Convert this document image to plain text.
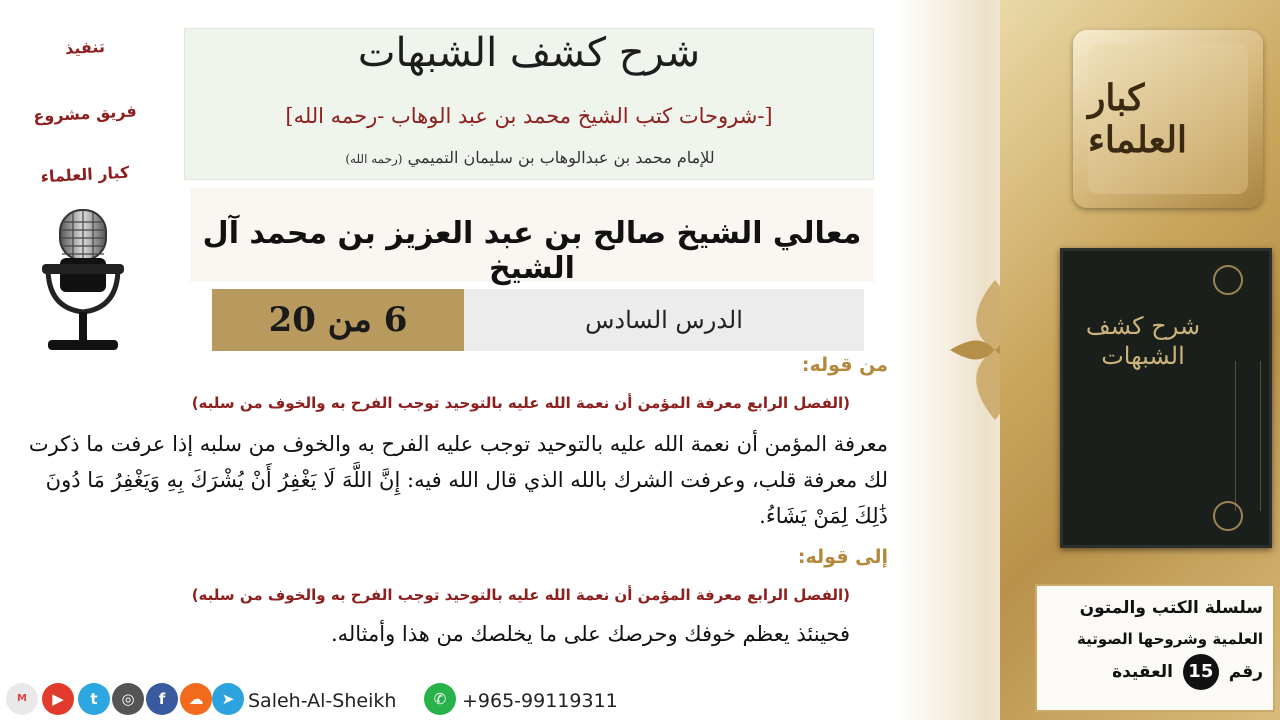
تنفيذ
فريق مشروع
كبار العلماء
شرح كشف الشبهات
[شروحات كتب الشيخ محمد بن عبد الوهاب -رحمه الله-]
للإمام محمد بن عبدالوهاب بن سليمان التميمي (رحمه الله)
معالي الشيخ صالح بن عبد العزيز بن محمد آل الشيخ
6 من 20	الدرس السادس
من قوله:
(الفصل الرابع معرفة المؤمن أن نعمة الله عليه بالتوحيد توجب الفرح به والخوف من سلبه)
معرفة المؤمن أن نعمة الله عليه بالتوحيد توجب عليه الفرح به والخوف من سلبه إذا عرفت ما ذكرت لك معرفة قلب، وعرفت الشرك بالله الذي قال الله فيه: إِنَّ اللَّهَ لَا يَغْفِرُ أَنْ يُشْرَكَ بِهِ وَيَغْفِرُ مَا دُونَ ذَٰلِكَ لِمَنْ يَشَاءُ.
إلى قوله:
(الفصل الرابع معرفة المؤمن أن نعمة الله عليه بالتوحيد توجب الفرح به والخوف من سلبه)
فحينئذ يعظم خوفك وحرصك على ما يخلصك من هذا وأمثاله.
كبار العلماء
شرح كشف الشبهات
سلسلة الكتب والمتون
العلمية وشروحها الصوتية
رقم 15 العقيدة
M	▶	t	◎	f	☁	➤ Saleh-Al-Sheikh	✆ +965-99119311
